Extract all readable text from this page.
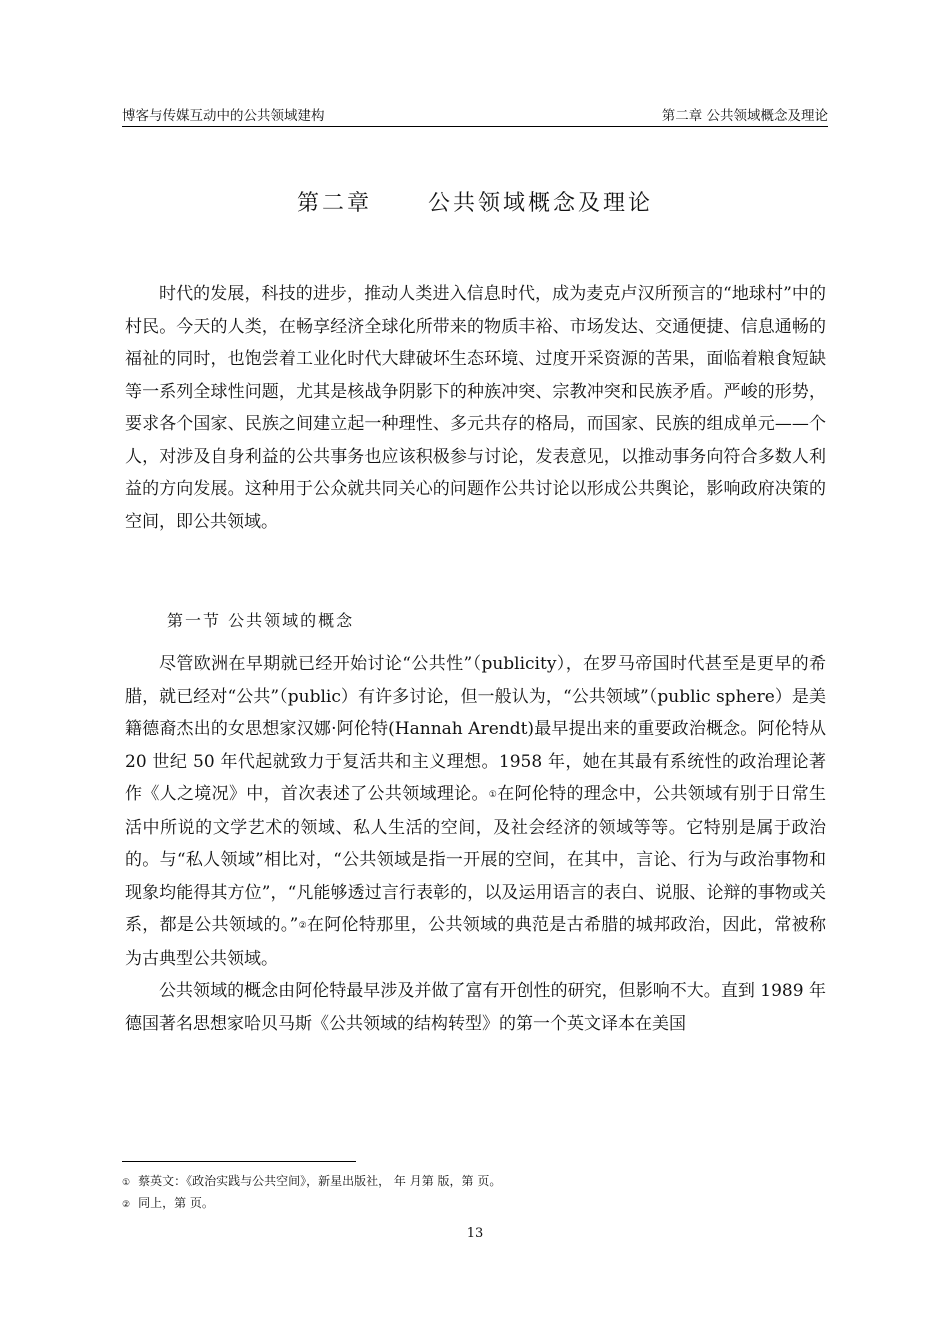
博客与传媒互动中的公共领域建构	第二章 公共领域概念及理论
第二章	公共领域概念及理论

时代的发展，科技的进步，推动人类进入信息时代，成为麦克卢汉所预言的“地球村”中的村民。今天的人类，在畅享经济全球化所带来的物质丰裕、市场发达、交通便捷、信息通畅的福祉的同时，也饱尝着工业化时代大肆破坏生态环境、过度开采资源的苦果，面临着粮食短缺等一系列全球性问题，尤其是核战争阴影下的种族冲突、宗教冲突和民族矛盾。严峻的形势，要求各个国家、民族之间建立起一种理性、多元共存的格局，而国家、民族的组成单元——个人，对涉及自身利益的公共事务也应该积极参与讨论，发表意见，以推动事务向符合多数人利益的方向发展。这种用于公众就共同关心的问题作公共讨论以形成公共舆论，影响政府决策的空间，即公共领域。

第一节 公共领域的概念

尽管欧洲在早期就已经开始讨论“公共性”（publicity），在罗马帝国时代甚至是更早的希腊，就已经对“公共”（public）有许多讨论，但一般认为，“公共领域”（public sphere）是美籍德裔杰出的女思想家汉娜·阿伦特(Hannah Arendt)最早提出来的重要政治概念。阿伦特从 20 世纪 50 年代起就致力于复活共和主义理想。1958 年，她在其最有系统性的政治理论著作《人之境况》中，首次表述了公共领域理论。①在阿伦特的理念中，公共领域有别于日常生活中所说的文学艺术的领域、私人生活的空间，及社会经济的领域等等。它特别是属于政治的。与“私人领域”相比对，“公共领域是指一开展的空间，在其中，言论、行为与政治事物和现象均能得其方位”，“凡能够透过言行表彰的，以及运用语言的表白、说服、论辩的事物或关系，都是公共领域的。”②在阿伦特那里，公共领域的典范是古希腊的城邦政治，因此，常被称为古典型公共领域。

公共领域的概念由阿伦特最早涉及并做了富有开创性的研究，但影响不大。直到 1989 年德国著名思想家哈贝马斯《公共领域的结构转型》的第一个英文译本在美国

① 蔡英文：《政治实践与公共空间》，新星出版社， 年 月第 版，第 页。
② 同上，第 页。
13
